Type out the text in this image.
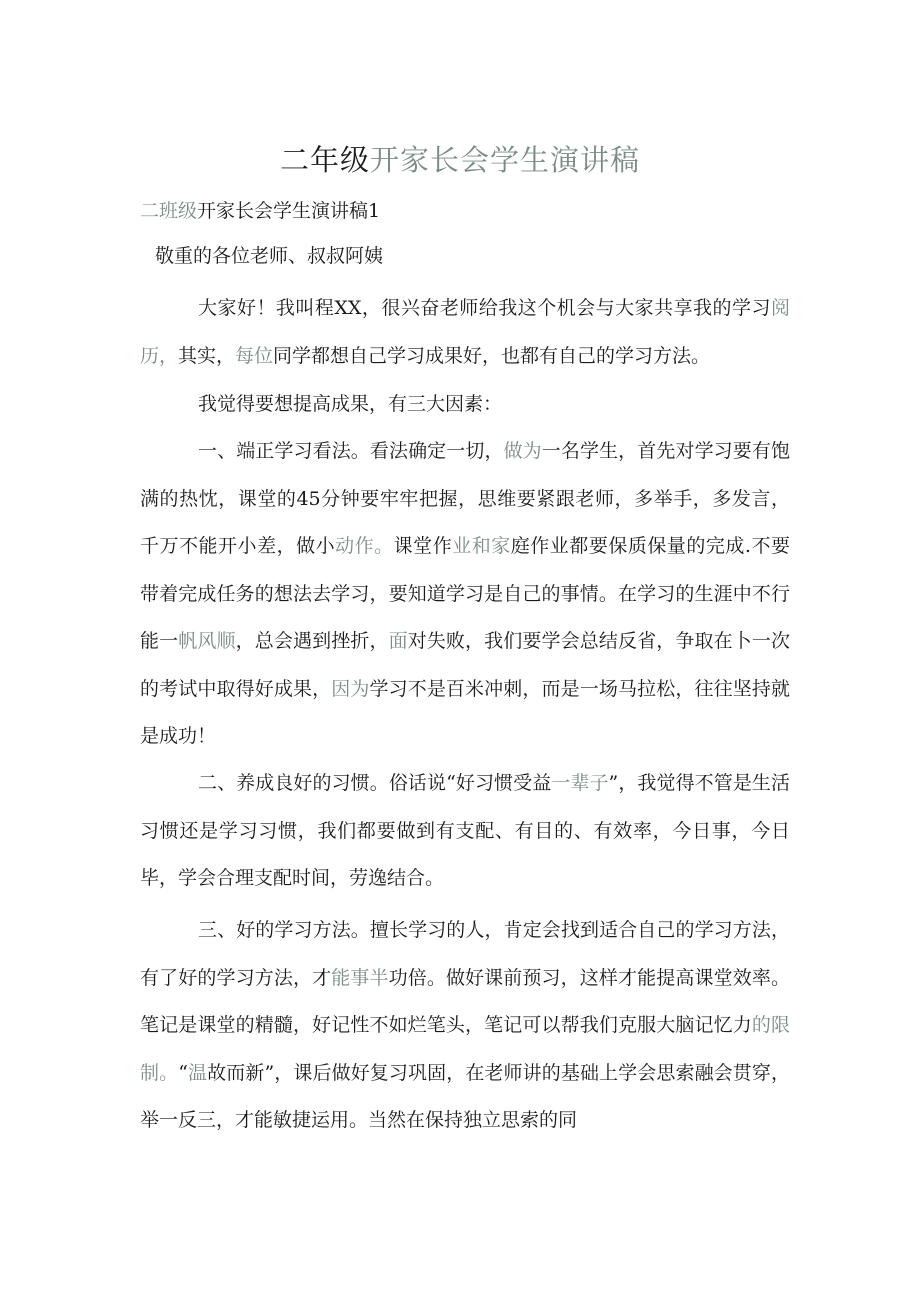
二年级开家长会学生演讲稿
二班级开家长会学生演讲稿1
敬重的各位老师、叔叔阿姨
大家好！我叫程XX，很兴奋老师给我这个机会与大家共享我的学习阅历，其实，每位同学都想自己学习成果好，也都有自己的学习方法。
我觉得要想提高成果，有三大因素：
一、端正学习看法。看法确定一切，做为一名学生，首先对学习要有饱满的热忱，课堂的45分钟要牢牢把握，思维要紧跟老师，多举手，多发言，千万不能开小差，做小动作。课堂作业和家庭作业都要保质保量的完成.不要带着完成任务的想法去学习，要知道学习是自己的事情。在学习的生涯中不行能一帆风顺，总会遇到挫折，面对失败，我们要学会总结反省，争取在卜一次的考试中取得好成果，因为学习不是百米冲刺，而是一场马拉松，往往坚持就是成功！
二、养成良好的习惯。俗话说“好习惯受益一辈子”，我觉得不管是生活习惯还是学习习惯，我们都要做到有支配、有目的、有效率，今日事，今日毕，学会合理支配时间，劳逸结合。
三、好的学习方法。擅长学习的人，肯定会找到适合自己的学习方法，有了好的学习方法，才能事半功倍。做好课前预习，这样才能提高课堂效率。笔记是课堂的精髓，好记性不如烂笔头，笔记可以帮我们克服大脑记忆力的限制。“温故而新”，课后做好复习巩固，在老师讲的基础上学会思索融会贯穿，举一反三，才能敏捷运用。当然在保持独立思索的同
